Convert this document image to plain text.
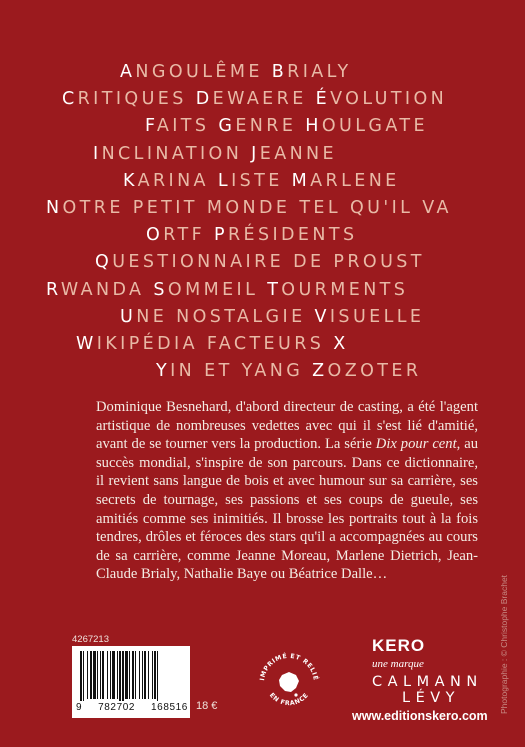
ANGOULÊME BRIALY
CRITIQUES DEWAERE ÉVOLUTION
FAITS GENRE HOULGATE
INCLINATION JEANNE
KARINA LISTE MARLENE
NOTRE PETIT MONDE TEL QU'IL VA
ORTF PRÉSIDENTS
QUESTIONNAIRE DE PROUST
RWANDA SOMMEIL TOURMENTS
UNE NOSTALGIE VISUELLE
WIKIPÉDIA FACTEURS X
YIN ET YANG ZOZOTER

Dominique Besnehard, d'abord directeur de casting, a été l'agent artistique de nombreuses vedettes avec qui il s'est lié d'amitié, avant de se tourner vers la production. La série Dix pour cent, au succès mondial, s'inspire de son parcours. Dans ce dictionnaire, il revient sans langue de bois et avec humour sur sa carrière, ses secrets de tournage, ses passions et ses coups de gueule, ses amitiés comme ses inimitiés. Il brosse les portraits tout à la fois tendres, drôles et féroces des stars qu'il a accompagnées au cours de sa carrière, comme Jeanne Moreau, Marlene Dietrich, Jean-Claude Brialy, Nathalie Baye ou Béatrice Dalle…

4267213
9 782702 168516 18 €
IMPRIMÉ ET RELIÉ
EN FRANCE
KERO
une marque
CALMANN
LÉVY
www.editionskero.com
Photographie : © Christophe Brachet
